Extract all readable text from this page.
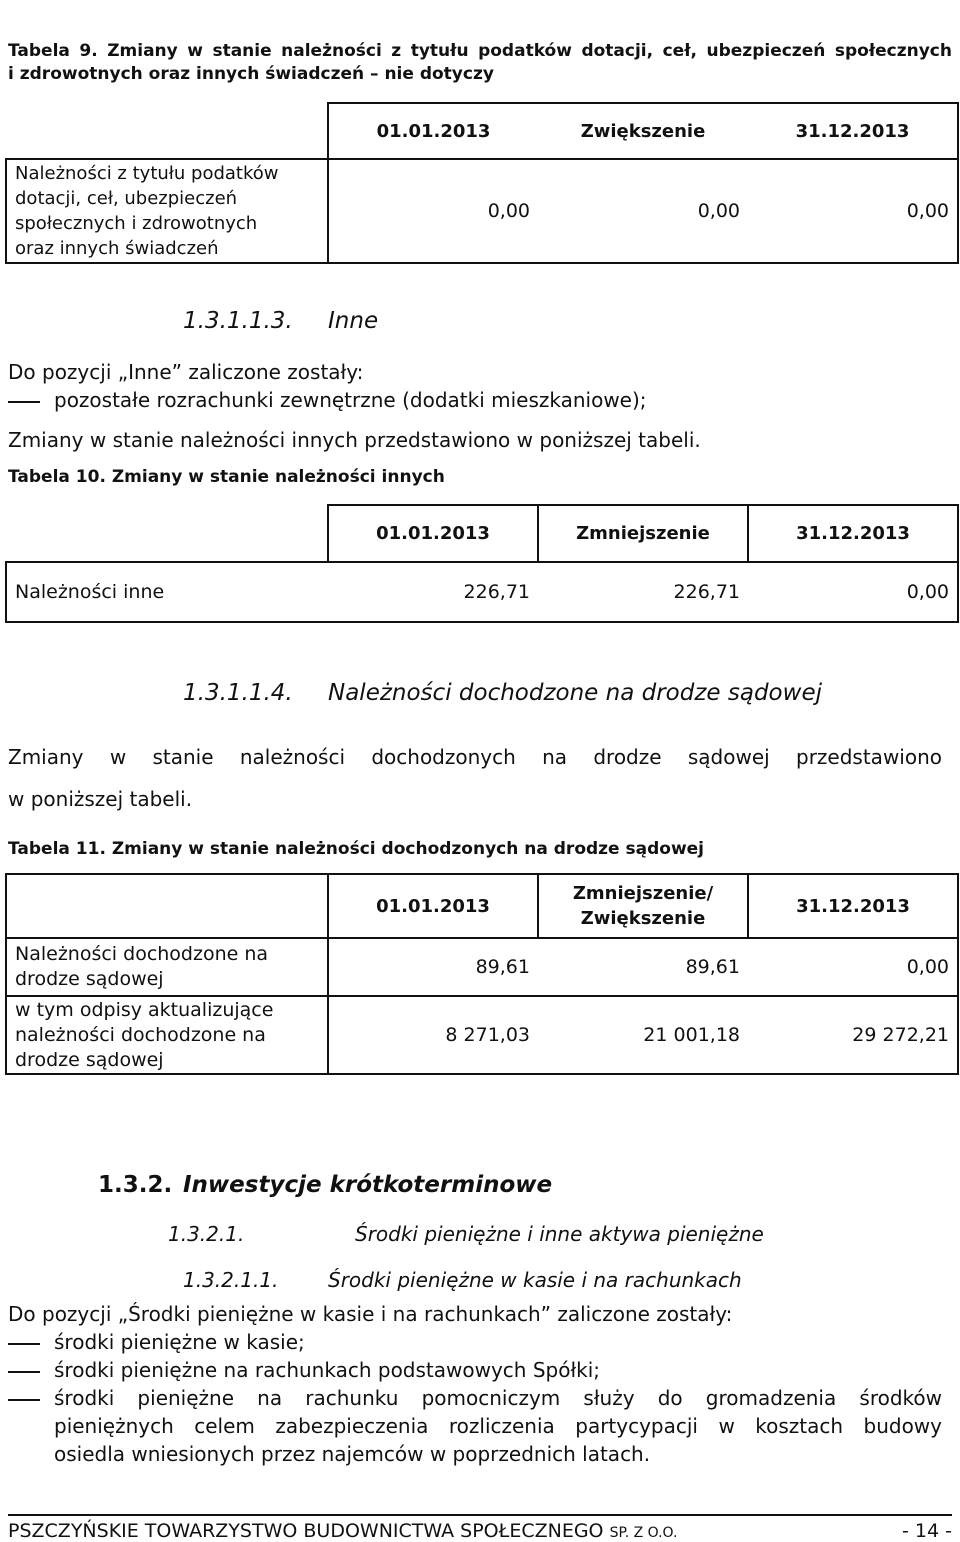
Tabela 9. Zmiany w stanie należności z tytułu podatków dotacji, ceł, ubezpieczeń społecznych
i zdrowotnych oraz innych świadczeń – nie dotyczy
	01.01.2013	Zwiększenie	31.12.2013

Należności z tytułu podatków
dotacji, ceł, ubezpieczeń
społecznych i zdrowotnych
oraz innych świadczeń	0,00	0,00	0,00
1.3.1.1.3. Inne
Do pozycji „Inne” zaliczone zostały:
pozostałe rozrachunki zewnętrzne (dodatki mieszkaniowe);
Zmiany w stanie należności innych przedstawiono w poniższej tabeli.
Tabela 10. Zmiany w stanie należności innych
	01.01.2013	Zmniejszenie	31.12.2013
Należności inne	226,71	226,71	0,00
1.3.1.1.4. Należności dochodzone na drodze sądowej
Zmiany w stanie należności dochodzonych na drodze sądowej przedstawiono
w poniższej tabeli.
Tabela 11. Zmiany w stanie należności dochodzonych na drodze sądowej
	01.01.2013	Zmniejszenie/
Zwiększenie	31.12.2013

Należności dochodzone na
drodze sądowej	89,61	89,61	0,00

w tym odpisy aktualizujące
należności dochodzone na
drodze sądowej	8 271,03	21 001,18	29 272,21
1.3.2. Inwestycje krótkoterminowe
1.3.2.1.	Środki pieniężne i inne aktywa pieniężne
1.3.2.1.1. Środki pieniężne w kasie i na rachunkach
Do pozycji „Środki pieniężne w kasie i na rachunkach” zaliczone zostały:
środki pieniężne w kasie;
środki pieniężne na rachunkach podstawowych Spółki;
środki pieniężne na rachunku pomocniczym służy do gromadzenia środków
pieniężnych celem zabezpieczenia rozliczenia partycypacji w kosztach budowy
osiedla wniesionych przez najemców w poprzednich latach.
PSZCZYŃSKIE TOWARZYSTWO BUDOWNICTWA SPOŁECZNEGO SP. Z O.O.	- 14 -
